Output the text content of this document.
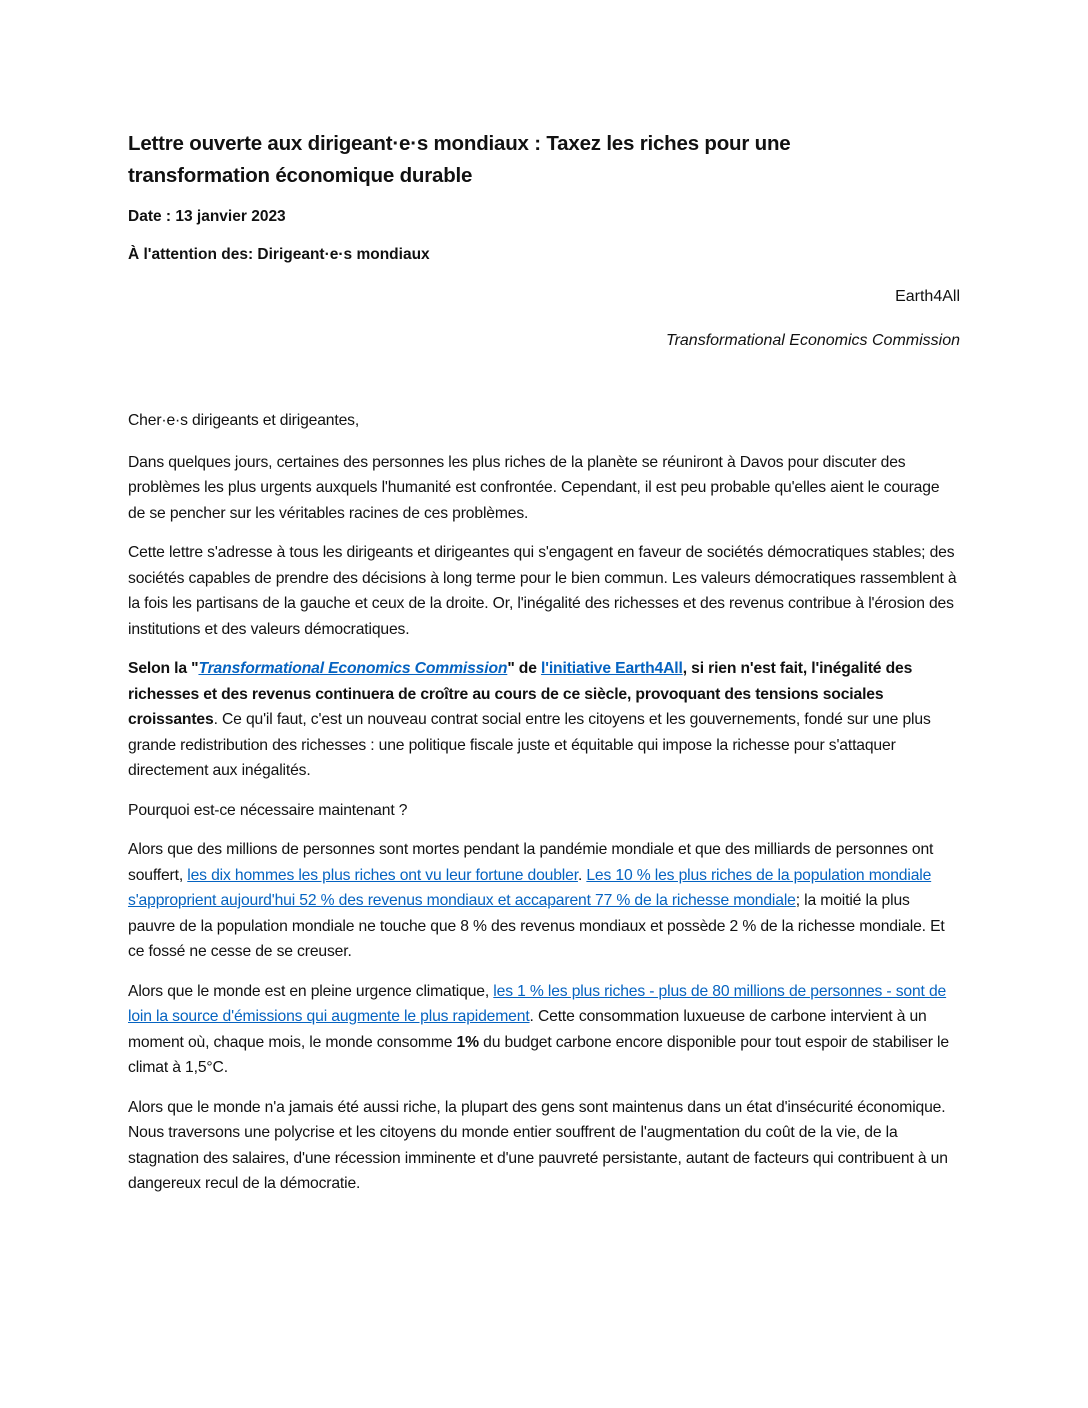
Lettre ouverte aux dirigeant·e·s mondiaux : Taxez les riches pour une
transformation économique durable
Date : 13 janvier 2023
À l'attention des: Dirigeant·e·s mondiaux
Earth4All
Transformational Economics Commission

Cher·e·s dirigeants et dirigeantes,

Dans quelques jours, certaines des personnes les plus riches de la planète se réuniront à Davos pour discuter des problèmes les plus urgents auxquels l'humanité est confrontée. Cependant, il est peu probable qu'elles aient le courage de se pencher sur les véritables racines de ces problèmes.

Cette lettre s'adresse à tous les dirigeants et dirigeantes qui s'engagent en faveur de sociétés démocratiques stables; des sociétés capables de prendre des décisions à long terme pour le bien commun. Les valeurs démocratiques rassemblent à la fois les partisans de la gauche et ceux de la droite. Or, l'inégalité des richesses et des revenus contribue à l'érosion des institutions et des valeurs démocratiques.

Selon la "Transformational Economics Commission" de l'initiative Earth4All, si rien n'est fait, l'inégalité des richesses et des revenus continuera de croître au cours de ce siècle, provoquant des tensions sociales croissantes. Ce qu'il faut, c'est un nouveau contrat social entre les citoyens et les gouvernements, fondé sur une plus grande redistribution des richesses : une politique fiscale juste et équitable qui impose la richesse pour s'attaquer directement aux inégalités.

Pourquoi est-ce nécessaire maintenant ?

Alors que des millions de personnes sont mortes pendant la pandémie mondiale et que des milliards de personnes ont souffert, les dix hommes les plus riches ont vu leur fortune doubler. Les 10 % les plus riches de la population mondiale s'approprient aujourd'hui 52 % des revenus mondiaux et accaparent 77 % de la richesse mondiale; la moitié la plus pauvre de la population mondiale ne touche que 8 % des revenus mondiaux et possède 2 % de la richesse mondiale. Et ce fossé ne cesse de se creuser.

Alors que le monde est en pleine urgence climatique, les 1 % les plus riches - plus de 80 millions de personnes - sont de loin la source d'émissions qui augmente le plus rapidement. Cette consommation luxueuse de carbone intervient à un moment où, chaque mois, le monde consomme 1% du budget carbone encore disponible pour tout espoir de stabiliser le climat à 1,5°C.

Alors que le monde n'a jamais été aussi riche, la plupart des gens sont maintenus dans un état d'insécurité économique. Nous traversons une polycrise et les citoyens du monde entier souffrent de l'augmentation du coût de la vie, de la stagnation des salaires, d'une récession imminente et d'une pauvreté persistante, autant de facteurs qui contribuent à un dangereux recul de la démocratie.
